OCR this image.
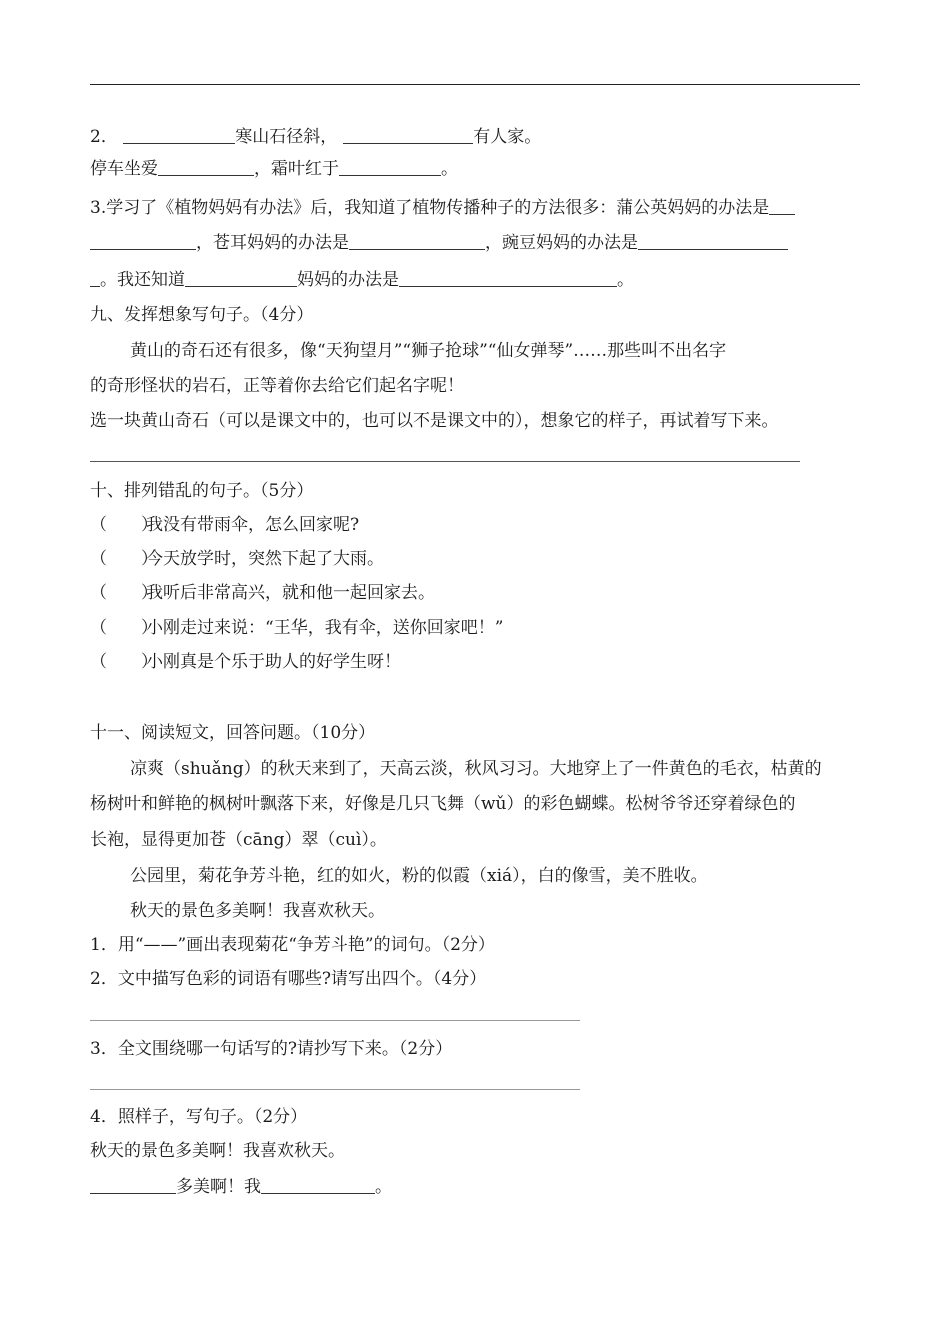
2．	寒山石径斜，	有人家。
停车坐爱	，霜叶红于	。
3.学习了《植物妈妈有办法》后，我知道了植物传播种子的方法很多：蒲公英妈妈的办法是
，苍耳妈妈的办法是	，豌豆妈妈的办法是
。我还知道	妈妈的办法是	。
九、发挥想象写句子。（4分）
黄山的奇石还有很多，像“天狗望月”“狮子抢球”“仙女弹琴”……那些叫不出名字
的奇形怪状的岩石，正等着你去给它们起名字呢！
选一块黄山奇石（可以是课文中的，也可以不是课文中的），想象它的样子，再试着写下来。
十、排列错乱的句子。（5分）
（　　）我没有带雨伞，怎么回家呢?
（　　）今天放学时，突然下起了大雨。
（　　）我听后非常高兴，就和他一起回家去。
（　　）小刚走过来说：“王华，我有伞，送你回家吧！”
（　　）小刚真是个乐于助人的好学生呀！
十一、阅读短文，回答问题。（10分）
凉爽（shuǎng）的秋天来到了，天高云淡，秋风习习。大地穿上了一件黄色的毛衣，枯黄的
杨树叶和鲜艳的枫树叶飘落下来，好像是几只飞舞（wǔ）的彩色蝴蝶。松树爷爷还穿着绿色的
长袍，显得更加苍（cāng）翠（cuì）。
公园里，菊花争芳斗艳，红的如火，粉的似霞（xiá），白的像雪，美不胜收。
秋天的景色多美啊！我喜欢秋天。
1．用“——”画出表现菊花“争芳斗艳”的词句。（2分）
2．文中描写色彩的词语有哪些?请写出四个。（4分）
3．全文围绕哪一句话写的?请抄写下来。（2分）
4．照样子，写句子。（2分）
秋天的景色多美啊！我喜欢秋天。
多美啊！我	。
